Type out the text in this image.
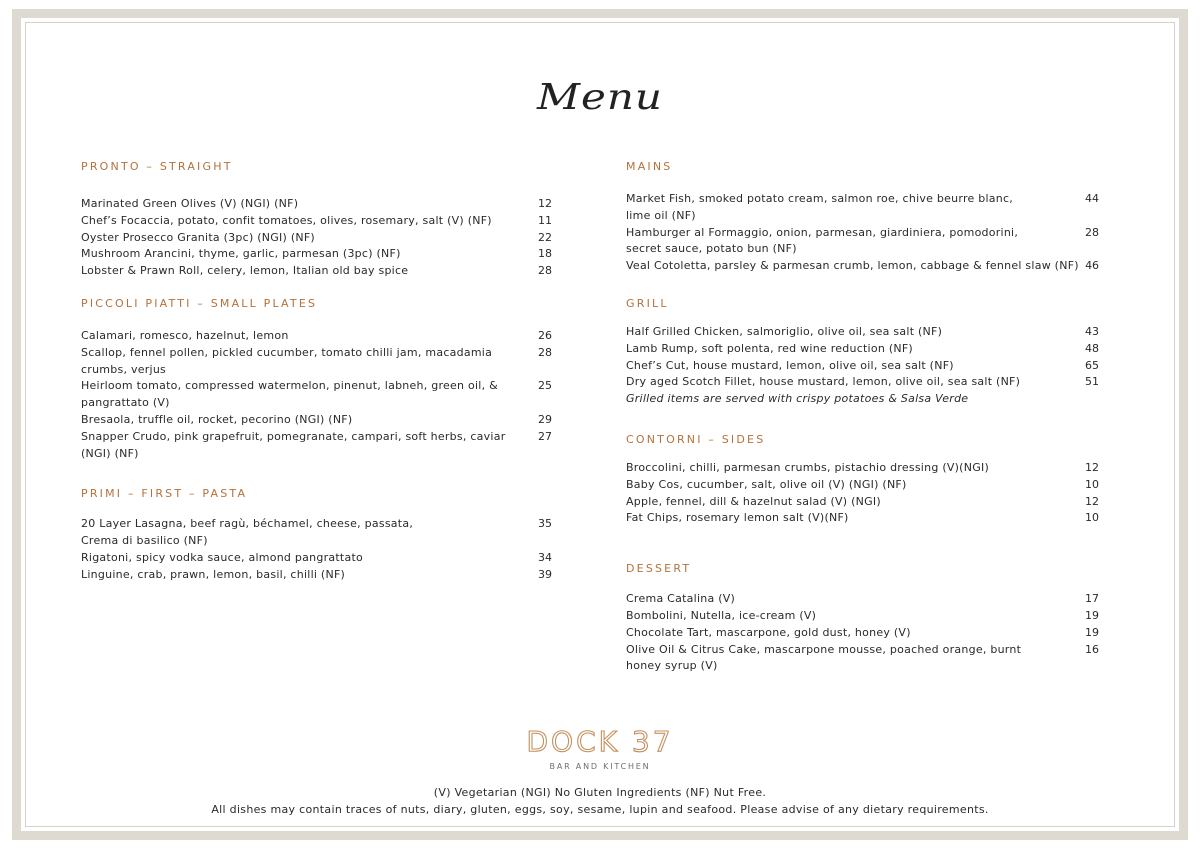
Menu
PRONTO – STRAIGHT
Marinated Green Olives (V) (NGI) (NF)	12
Chef’s Focaccia, potato, confit tomatoes, olives, rosemary, salt (V) (NF)	11
Oyster Prosecco Granita (3pc) (NGI) (NF)	22
Mushroom Arancini, thyme, garlic, parmesan (3pc) (NF)	18
Lobster & Prawn Roll, celery, lemon, Italian old bay spice	28
PICCOLI PIATTI – SMALL PLATES
Calamari, romesco, hazelnut, lemon	26
Scallop, fennel pollen, pickled cucumber, tomato chilli jam, macadamia crumbs, verjus
28
Heirloom tomato, compressed watermelon, pinenut, labneh, green oil, & pangrattato (V)
25
Bresaola, truffle oil, rocket, pecorino (NGI) (NF)	29
Snapper Crudo, pink grapefruit, pomegranate, campari, soft herbs, caviar (NGI) (NF)
27
PRIMI – FIRST – PASTA
20 Layer Lasagna, beef ragù, béchamel, cheese, passata, Crema di basilico (NF)
35
Rigatoni, spicy vodka sauce, almond pangrattato	34
Linguine, crab, prawn, lemon, basil, chilli (NF)	39
MAINS
Market Fish, smoked potato cream, salmon roe, chive beurre blanc, lime oil (NF)
44
Hamburger al Formaggio, onion, parmesan, giardiniera, pomodorini, secret sauce, potato bun (NF)
28
Veal Cotoletta, parsley & parmesan crumb, lemon, cabbage & fennel slaw (NF) 46
GRILL
Half Grilled Chicken, salmoriglio, olive oil, sea salt (NF)	43
Lamb Rump, soft polenta, red wine reduction (NF)	48
Chef’s Cut, house mustard, lemon, olive oil, sea salt (NF)	65
Dry aged Scotch Fillet, house mustard, lemon, olive oil, sea salt (NF)	51
Grilled items are served with crispy potatoes & Salsa Verde
CONTORNI – SIDES
Broccolini, chilli, parmesan crumbs, pistachio dressing (V)(NGI)	12
Baby Cos, cucumber, salt, olive oil (V) (NGI) (NF)	10
Apple, fennel, dill & hazelnut salad (V) (NGI)	12
Fat Chips, rosemary lemon salt (V)(NF)	10
DESSERT
Crema Catalina (V)	17
Bombolini, Nutella, ice-cream (V)	19
Chocolate Tart, mascarpone, gold dust, honey (V)	19
Olive Oil & Citrus Cake, mascarpone mousse, poached orange, burnt honey syrup (V)
16
DOCK 37
BAR AND KITCHEN
(V) Vegetarian (NGI) No Gluten Ingredients (NF) Nut Free.
All dishes may contain traces of nuts, diary, gluten, eggs, soy, sesame, lupin and seafood. Please advise of any dietary requirements.
